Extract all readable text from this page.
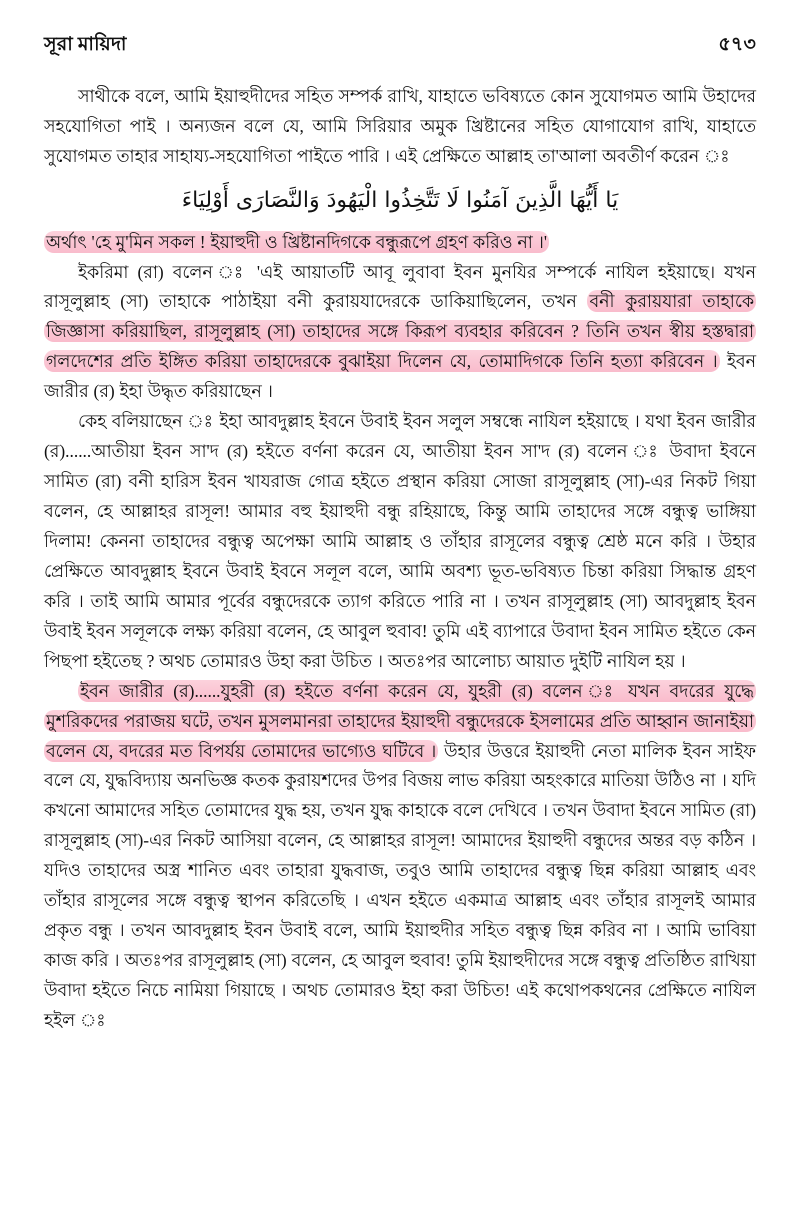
সূরা মায়িদা	৫৭৩

সাথীকে বলে, আমি ইয়াহুদীদের সহিত সম্পর্ক রাখি, যাহাতে ভবিষ্যতে কোন সুযোগমত আমি উহাদের সহযোগিতা পাই । অন্যজন বলে যে, আমি সিরিয়ার অমুক খ্রিষ্টানের সহিত যোগাযোগ রাখি, যাহাতে সুযোগমত তাহার সাহায্য-সহযোগিতা পাইতে পারি । এই প্রেক্ষিতে আল্লাহ তা'আলা অবতীর্ণ করেন ঃ

يَا أَيُّهَا الَّذِينَ آمَنُوا لَا تَتَّخِذُوا الْيَهُودَ وَالنَّصَارَى أَوْلِيَاءَ

অর্থাৎ 'হে মু'মিন সকল ! ইয়াহুদী ও খ্রিষ্টানদিগকে বন্ধুরূপে গ্রহণ করিও না ।'

ইকরিমা (রা) বলেন ঃ 'এই আয়াতটি আবূ লুবাবা ইবন মুনযির সম্পর্কে নাযিল হইয়াছে। যখন রাসূলুল্লাহ (সা) তাহাকে পাঠাইয়া বনী কুরায়যাদেরকে ডাকিয়াছিলেন, তখন বনী কুরায়যারা তাহাকে জিজ্ঞাসা করিয়াছিল, রাসূলুল্লাহ (সা) তাহাদের সঙ্গে কিরূপ ব্যবহার করিবেন ? তিনি তখন স্বীয় হস্তদ্বারা গলদেশের প্রতি ইঙ্গিত করিয়া তাহাদেরকে বুঝাইয়া দিলেন যে, তোমাদিগকে তিনি হত্যা করিবেন । ইবন জারীর (র) ইহা উদ্ধৃত করিয়াছেন ।

কেহ বলিয়াছেন ঃ ইহা আবদুল্লাহ ইবনে উবাই ইবন সলুল সম্বন্ধে নাযিল হইয়াছে । যথা ইবন জারীর (র)......আতীয়া ইবন সা'দ (র) হইতে বর্ণনা করেন যে, আতীয়া ইবন সা'দ (র) বলেন ঃ উবাদা ইবনে সামিত (রা) বনী হারিস ইবন খাযরাজ গোত্র হইতে প্রস্থান করিয়া সোজা রাসূলুল্লাহ (সা)-এর নিকট গিয়া বলেন, হে আল্লাহর রাসূল! আমার বহু ইয়াহুদী বন্ধু রহিয়াছে, কিন্তু আমি তাহাদের সঙ্গে বন্ধুত্ব ভাঙ্গিয়া দিলাম! কেননা তাহাদের বন্ধুত্ব অপেক্ষা আমি আল্লাহ ও তাঁহার রাসূলের বন্ধুত্ব শ্রেষ্ঠ মনে করি । উহার প্রেক্ষিতে আবদুল্লাহ ইবনে উবাই ইবনে সলূল বলে, আমি অবশ্য ভূত-ভবিষ্যত চিন্তা করিয়া সিদ্ধান্ত গ্রহণ করি । তাই আমি আমার পূর্বের বন্ধুদেরকে ত্যাগ করিতে পারি না । তখন রাসূলুল্লাহ (সা) আবদুল্লাহ ইবন উবাই ইবন সলূলকে লক্ষ্য করিয়া বলেন, হে আবুল হুবাব! তুমি এই ব্যাপারে উবাদা ইবন সামিত হইতে কেন পিছপা হইতেছ ? অথচ তোমারও উহা করা উচিত । অতঃপর আলোচ্য আয়াত দুইটি নাযিল হয় ।

ইবন জারীর (র)......যুহরী (র) হইতে বর্ণনা করেন যে, যুহরী (র) বলেন ঃ যখন বদরের যুদ্ধে মুশরিকদের পরাজয় ঘটে, তখন মুসলমানরা তাহাদের ইয়াহুদী বন্ধুদেরকে ইসলামের প্রতি আহ্বান জানাইয়া বলেন যে, বদরের মত বিপর্যয় তোমাদের ভাগ্যেও ঘটিবে । উহার উত্তরে ইয়াহুদী নেতা মালিক ইবন সাইফ বলে যে, যুদ্ধবিদ্যায় অনভিজ্ঞ কতক কুরায়শদের উপর বিজয় লাভ করিয়া অহংকারে মাতিয়া উঠিও না । যদি কখনো আমাদের সহিত তোমাদের যুদ্ধ হয়, তখন যুদ্ধ কাহাকে বলে দেখিবে । তখন উবাদা ইবনে সামিত (রা) রাসূলুল্লাহ (সা)-এর নিকট আসিয়া বলেন, হে আল্লাহর রাসূল! আমাদের ইয়াহুদী বন্ধুদের অন্তর বড় কঠিন । যদিও তাহাদের অস্ত্র শানিত এবং তাহারা যুদ্ধবাজ, তবুও আমি তাহাদের বন্ধুত্ব ছিন্ন করিয়া আল্লাহ এবং তাঁহার রাসূলের সঙ্গে বন্ধুত্ব স্থাপন করিতেছি । এখন হইতে একমাত্র আল্লাহ এবং তাঁহার রাসূলই আমার প্রকৃত বন্ধু । তখন আবদুল্লাহ ইবন উবাই বলে, আমি ইয়াহুদীর সহিত বন্ধুত্ব ছিন্ন করিব না । আমি ভাবিয়া কাজ করি । অতঃপর রাসূলুল্লাহ (সা) বলেন, হে আবুল হুবাব! তুমি ইয়াহুদীদের সঙ্গে বন্ধুত্ব প্রতিষ্ঠিত রাখিয়া উবাদা হইতে নিচে নামিয়া গিয়াছে । অথচ তোমারও ইহা করা উচিত! এই কথোপকথনের প্রেক্ষিতে নাযিল হইল ঃ
